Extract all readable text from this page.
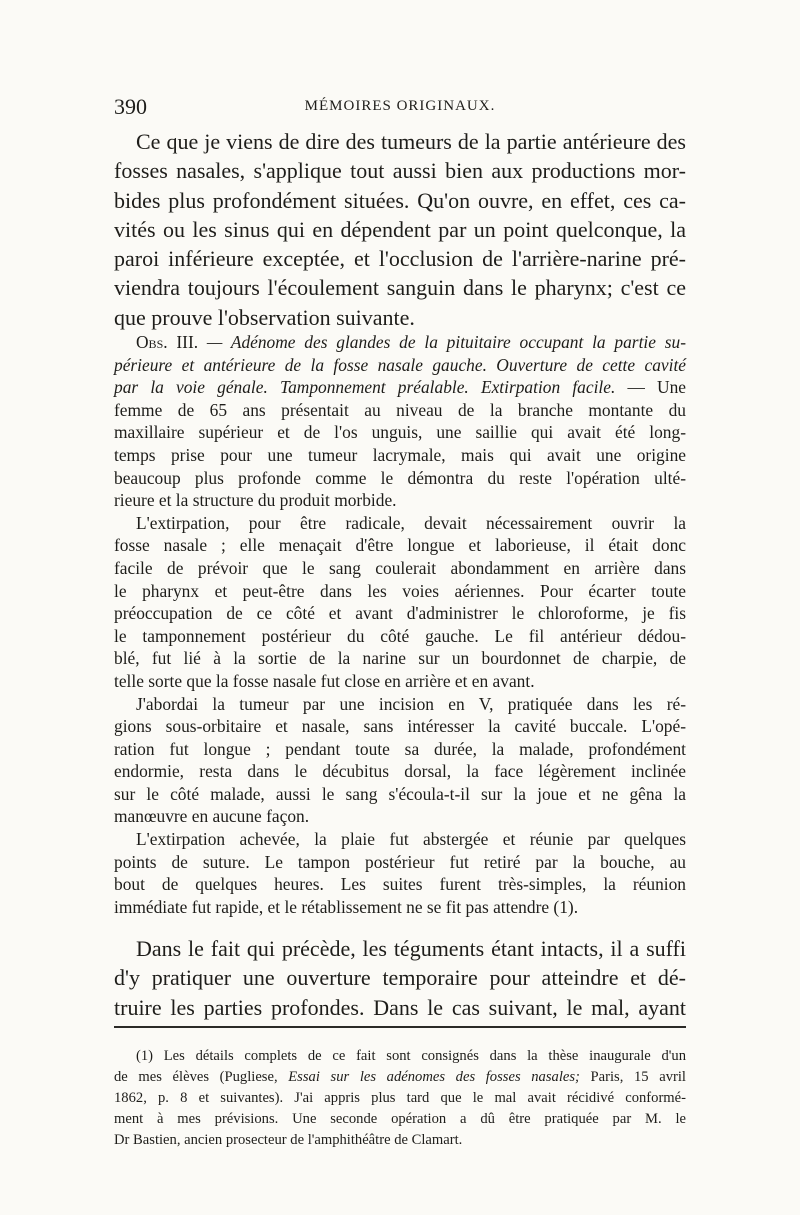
390	MÉMOIRES ORIGINAUX.
Ce que je viens de dire des tumeurs de la partie antérieure des
fosses nasales, s'applique tout aussi bien aux productions mor-
bides plus profondément situées. Qu'on ouvre, en effet, ces ca-
vités ou les sinus qui en dépendent par un point quelconque, la
paroi inférieure exceptée, et l'occlusion de l'arrière-narine pré-
viendra toujours l'écoulement sanguin dans le pharynx; c'est ce
que prouve l'observation suivante.
Obs. III. — Adénome des glandes de la pituitaire occupant la partie su-
périeure et antérieure de la fosse nasale gauche. Ouverture de cette cavité
par la voie génale. Tamponnement préalable. Extirpation facile. — Une
femme de 65 ans présentait au niveau de la branche montante du
maxillaire supérieur et de l'os unguis, une saillie qui avait été long-
temps prise pour une tumeur lacrymale, mais qui avait une origine
beaucoup plus profonde comme le démontra du reste l'opération ulté-
rieure et la structure du produit morbide.
L'extirpation, pour être radicale, devait nécessairement ouvrir la
fosse nasale ; elle menaçait d'être longue et laborieuse, il était donc
facile de prévoir que le sang coulerait abondamment en arrière dans
le pharynx et peut-être dans les voies aériennes. Pour écarter toute
préoccupation de ce côté et avant d'administrer le chloroforme, je fis
le tamponnement postérieur du côté gauche. Le fil antérieur dédou-
blé, fut lié à la sortie de la narine sur un bourdonnet de charpie, de
telle sorte que la fosse nasale fut close en arrière et en avant.
J'abordai la tumeur par une incision en V, pratiquée dans les ré-
gions sous-orbitaire et nasale, sans intéresser la cavité buccale. L'opé-
ration fut longue ; pendant toute sa durée, la malade, profondément
endormie, resta dans le décubitus dorsal, la face légèrement inclinée
sur le côté malade, aussi le sang s'écoula-t-il sur la joue et ne gêna la
manœuvre en aucune façon.
L'extirpation achevée, la plaie fut abstergée et réunie par quelques
points de suture. Le tampon postérieur fut retiré par la bouche, au
bout de quelques heures. Les suites furent très-simples, la réunion
immédiate fut rapide, et le rétablissement ne se fit pas attendre (1).
Dans le fait qui précède, les téguments étant intacts, il a suffi
d'y pratiquer une ouverture temporaire pour atteindre et dé-
truire les parties profondes. Dans le cas suivant, le mal, ayant
(1) Les détails complets de ce fait sont consignés dans la thèse inaugurale d'un
de mes élèves (Pugliese, Essai sur les adénomes des fosses nasales; Paris, 15 avril
1862, p. 8 et suivantes). J'ai appris plus tard que le mal avait récidivé conformé-
ment à mes prévisions. Une seconde opération a dû être pratiquée par M. le
Dr Bastien, ancien prosecteur de l'amphithéâtre de Clamart.
